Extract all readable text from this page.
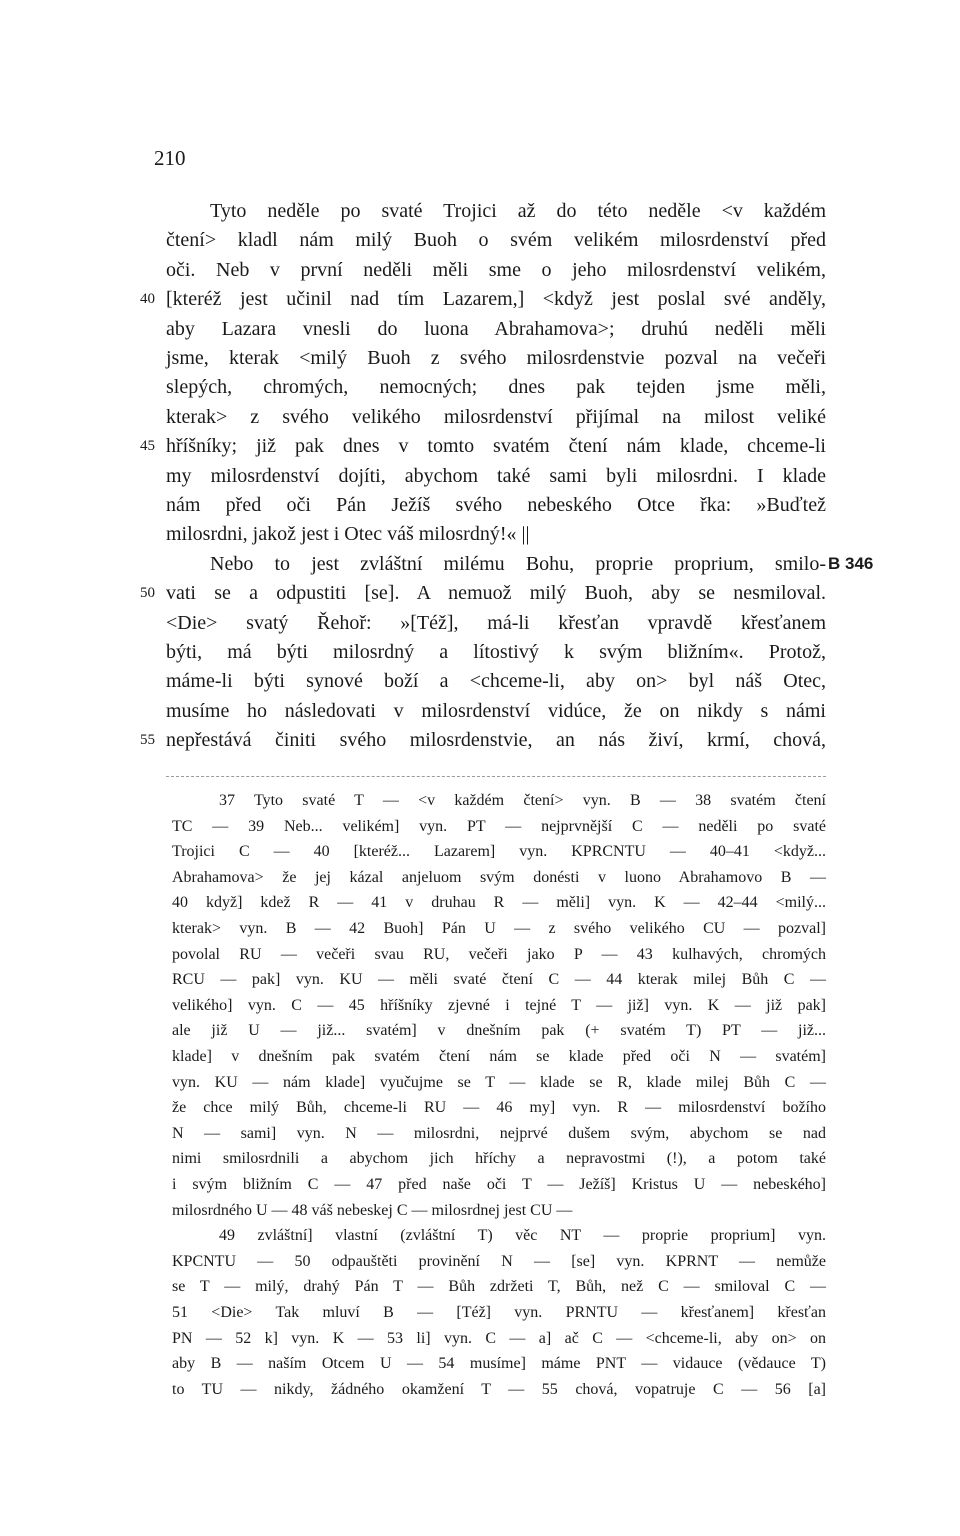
210
Tyto neděle po svaté Trojici až do této neděle <v každém
čtení> kladl nám milý Buoh o svém velikém milosrdenství před
oči. Neb v první neděli měli sme o jeho milosrdenství velikém,
[kteréž jest učinil nad tím Lazarem,] <když jest poslal své anděly,
40
aby Lazara vnesli do luona Abrahamova>; druhú neděli měli
jsme, kterak <milý Buoh z svého milosrdenstvie pozval na večeři
slepých, chromých, nemocných; dnes pak tejden jsme měli,
kterak> z svého velikého milosrdenství přijímal na milost veliké
hříšníky; již pak dnes v tomto svatém čtení nám klade, chceme-li
45
my milosrdenství dojíti, abychom také sami byli milosrdni. I klade
nám před oči Pán Ježíš svého nebeského Otce řka: »Buďtež
milosrdni, jakož jest i Otec váš milosrdný!« ||
Nebo to jest zvláštní milému Bohu, proprie proprium, smilo- B 346
vati se a odpustiti [se]. A nemuož milý Buoh, aby se nesmiloval.
50
<Die> svatý Řehoř: »[Též], má-li křesťan vpravdě křesťanem
býti, má býti milosrdný a lítostivý k svým bližním«. Protož,
máme-li býti synové boží a <chceme-li, aby on> byl náš Otec,
musíme ho následovati v milosrdenství vidúce, že on nikdy s námi
nepřestává činiti svého milosrdenstvie, an nás živí, krmí, chová,
55
37 Tyto svaté T — <v každém čtení> vyn. B — 38 svatém čtení
TC — 39 Neb... velikém] vyn. PT — nejprvnější C — neděli po svaté
Trojici C — 40 [kteréž... Lazarem] vyn. KPRCNTU — 40–41 <když...
Abrahamova> že jej kázal anjeluom svým donésti v luono Abrahamovo B —
40 když] kdež R — 41 v druhau R — měli] vyn. K — 42–44 <milý...
kterak> vyn. B — 42 Buoh] Pán U — z svého velikého CU — pozval]
povolal RU — večeři svau RU, večeři jako P — 43 kulhavých, chromých
RCU — pak] vyn. KU — měli svaté čtení C — 44 kterak milej Bůh C —
velikého] vyn. C — 45 hříšníky zjevné i tejné T — již] vyn. K — již pak]
ale již U — již... svatém] v dnešním pak (+ svatém T) PT — již...
klade] v dnešním pak svatém čtení nám se klade před oči N — svatém]
vyn. KU — nám klade] vyučujme se T — klade se R, klade milej Bůh C —
že chce milý Bůh, chceme-li RU — 46 my] vyn. R — milosrdenství božího
N — sami] vyn. N — milosrdni, nejprvé dušem svým, abychom se nad
nimi smilosrdnili a abychom jich hříchy a nepravostmi (!), a potom také
i svým bližním C — 47 před naše oči T — Ježíš] Kristus U — nebeského]
milosrdného U — 48 váš nebeskej C — milosrdnej jest CU —
49 zvláštní] vlastní (zvláštní T) věc NT — proprie proprium] vyn.
KPCNTU — 50 odpauštěti provinění N — [se] vyn. KPRNT — nemůže
se T — milý, drahý Pán T — Bůh zdržeti T, Bůh, než C — smiloval C —
51 <Die> Tak mluví B — [Též] vyn. PRNTU — křesťanem] křesťan
PN — 52 k] vyn. K — 53 li] vyn. C — a] ač C — <chceme-li, aby on> on
aby B — naším Otcem U — 54 musíme] máme PNT — vidauce (vědauce T)
to TU — nikdy, žádného okamžení T — 55 chová, vopatruje C — 56 [a]
